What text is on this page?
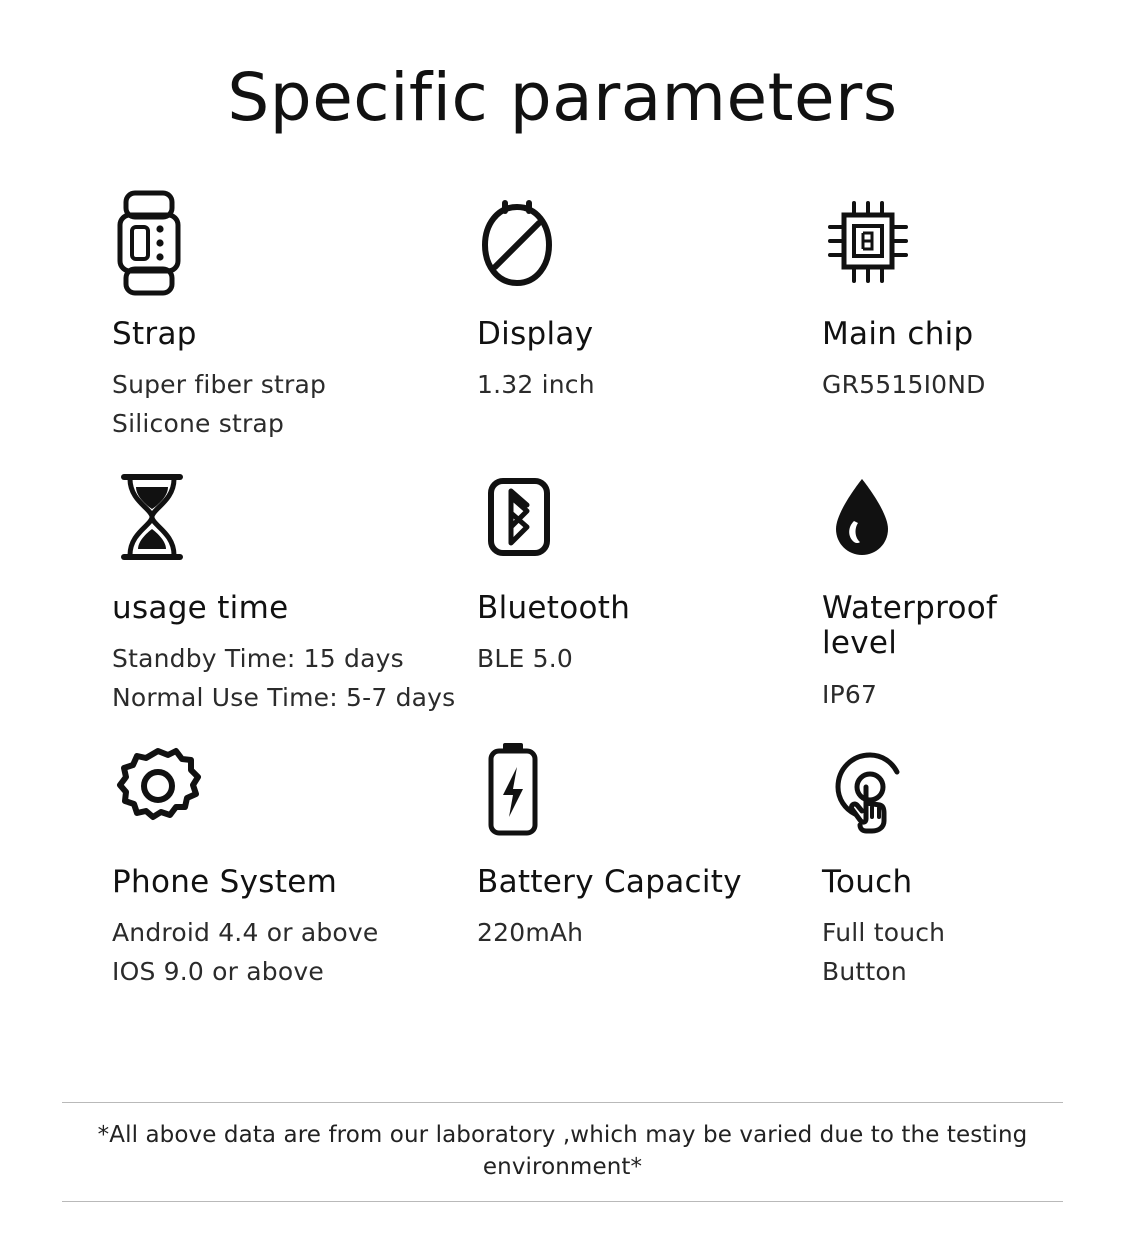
Specific parameters
Strap
Super fiber strap
Silicone strap
Display
1.32 inch
Main chip
GR5515I0ND
usage time
Standby Time: 15 days
Normal Use Time: 5-7 days
Bluetooth
BLE 5.0
Waterproof level
IP67
Phone System
Android 4.4 or above
IOS 9.0 or above
Battery Capacity
220mAh
Touch
Full touch
Button
*All above data are from our laboratory ,which may be varied due to the testing environment*
